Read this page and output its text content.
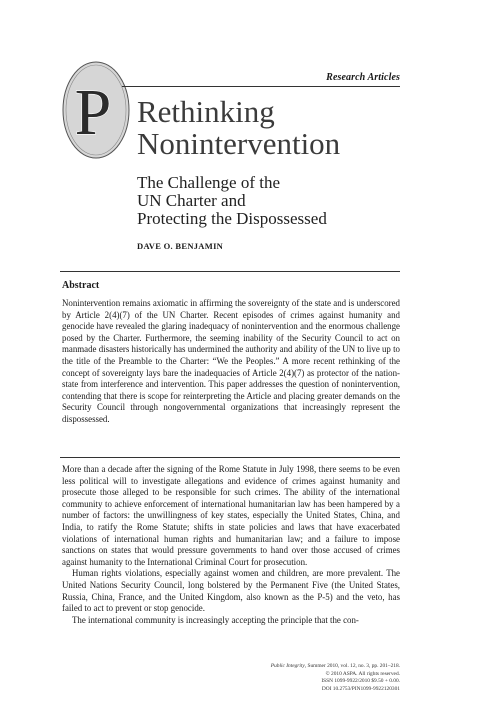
P	Research Articles
Rethinking
Nonintervention
The Challenge of the
UN Charter and
Protecting the Dispossessed
DAVE O. BENJAMIN
Abstract

Nonintervention remains axiomatic in affirming the sovereignty of the state and is underscored by Article 2(4)(7) of the UN Charter. Recent episodes of crimes against humanity and genocide have revealed the glaring inadequacy of nonintervention and the enormous challenge posed by the Charter. Furthermore, the seeming inability of the Security Council to act on manmade disasters historically has undermined the authority and ability of the UN to live up to the title of the Preamble to the Charter: “We the Peoples.” A more recent rethinking of the concept of sovereignty lays bare the inadequacies of Article 2(4)(7) as protector of the nation-state from interference and intervention. This paper addresses the question of nonintervention, contending that there is scope for reinterpreting the Article and placing greater demands on the Security Council through nongovernmental organizations that increasingly represent the dispossessed.

More than a decade after the signing of the Rome Statute in July 1998, there seems to be even less political will to investigate allegations and evidence of crimes against humanity and prosecute those alleged to be responsible for such crimes. The ability of the international community to achieve enforcement of international humanitarian law has been hampered by a number of factors: the unwillingness of key states, especially the United States, China, and India, to ratify the Rome Statute; shifts in state policies and laws that have exacerbated violations of international human rights and humanitarian law; and a failure to impose sanctions on states that would pressure governments to hand over those accused of crimes against humanity to the International Criminal Court for prosecution.

Human rights violations, especially against women and children, are more prevalent. The United Nations Security Council, long bolstered by the Permanent Five (the United States, Russia, China, France, and the United Kingdom, also known as the P-5) and the veto, has failed to act to prevent or stop genocide.

The international community is increasingly accepting the principle that the con-

Public Integrity, Summer 2010, vol. 12, no. 3, pp. 201–218.
© 2010 ASPA. All rights reserved.
ISSN 1099-9922/2010 $9.50 + 0.00.
DOI 10.2753/PIN1099-9922120301
